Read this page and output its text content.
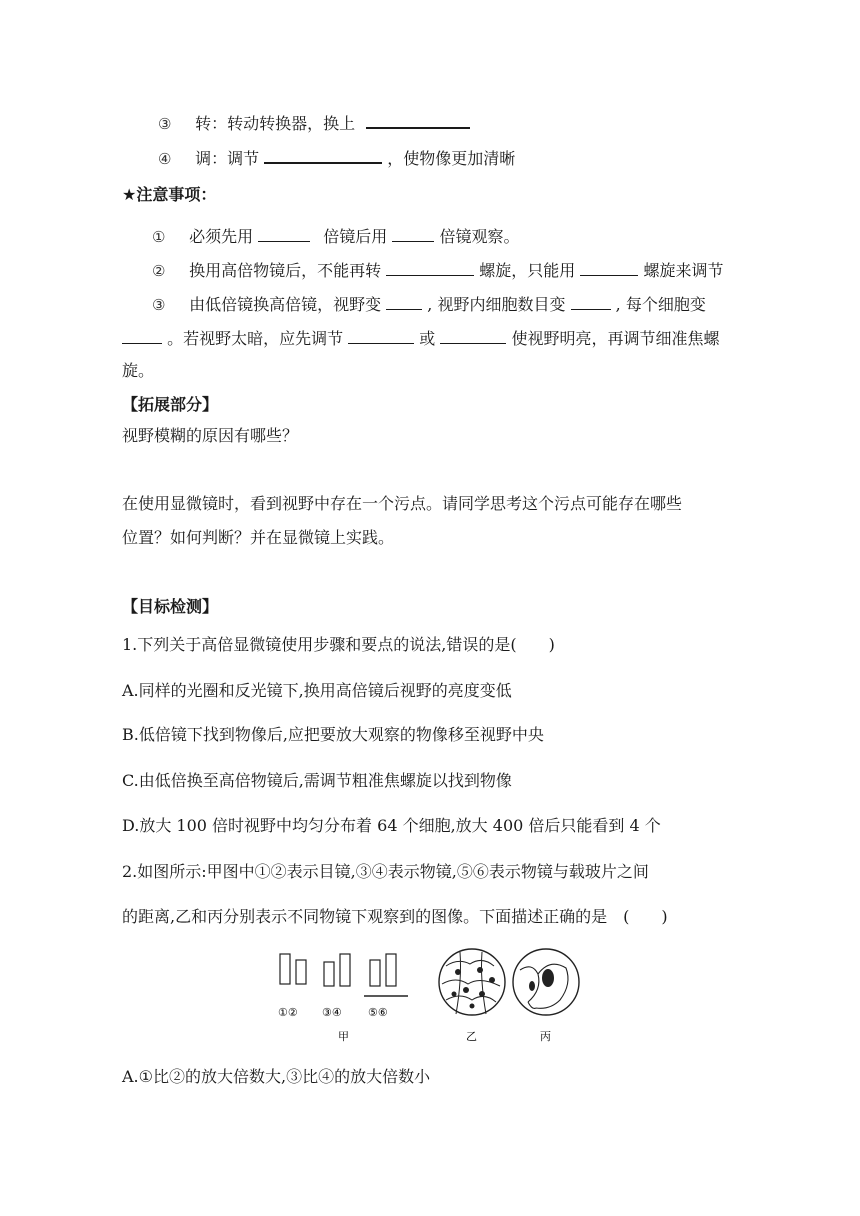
③ 转：转动转换器，换上
④ 调：调节	，使物像更加清晰
★注意事项：
① 必须先用	倍镜后用	倍镜观察。
② 换用高倍物镜后，不能再转	螺旋，只能用	螺旋来调节
③ 由低倍镜换高倍镜，视野变	, 视野内细胞数目变	, 每个细胞变
。若视野太暗，应先调节	或	使视野明亮，再调节细准焦螺
旋。
【拓展部分】
视野模糊的原因有哪些？
在使用显微镜时，看到视野中存在一个污点。请同学思考这个污点可能存在哪些
位置？如何判断？并在显微镜上实践。
【目标检测】
1.下列关于高倍显微镜使用步骤和要点的说法,错误的是(　　)
A.同样的光圈和反光镜下,换用高倍镜后视野的亮度变低
B.低倍镜下找到物像后,应把要放大观察的物像移至视野中央
C.由低倍换至高倍物镜后,需调节粗准焦螺旋以找到物像
D.放大 100 倍时视野中均匀分布着 64 个细胞,放大 400 倍后只能看到 4 个
2.如图所示:甲图中①②表示目镜,③④表示物镜,⑤⑥表示物镜与载玻片之间
的距离,乙和丙分别表示不同物镜下观察到的图像。下面描述正确的是　(　　)
①② ③④ ⑤⑥
甲	乙	丙
A.①比②的放大倍数大,③比④的放大倍数小
